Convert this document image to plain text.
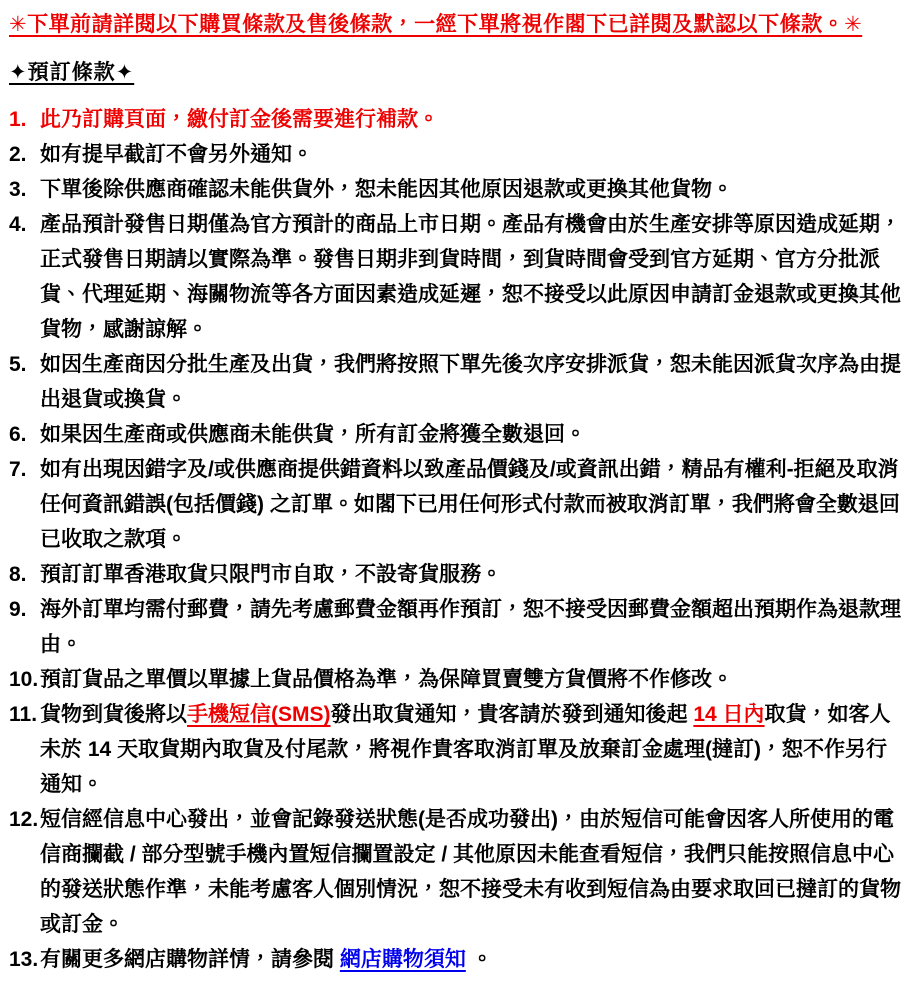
✳下單前請詳閱以下購買條款及售後條款，一經下單將視作閣下已詳閱及默認以下條款。✳

✦預訂條款✦

1. 此乃訂購頁面，繳付訂金後需要進行補款。
2. 如有提早截訂不會另外通知。
3. 下單後除供應商確認未能供貨外，恕未能因其他原因退款或更換其他貨物。
4. 產品預計發售日期僅為官方預計的商品上市日期。產品有機會由於生產安排等原因造成延期，正式發售日期請以實際為準。發售日期非到貨時間，到貨時間會受到官方延期、官方分批派貨、代理延期、海關物流等各方面因素造成延遲，恕不接受以此原因申請訂金退款或更換其他貨物，感謝諒解。
5. 如因生產商因分批生產及出貨，我們將按照下單先後次序安排派貨，恕未能因派貨次序為由提出退貨或換貨。
6. 如果因生產商或供應商未能供貨，所有訂金將獲全數退回。
7. 如有出現因錯字及/或供應商提供錯資料以致產品價錢及/或資訊出錯，精品有權利-拒絕及取消任何資訊錯誤(包括價錢) 之訂單。如閣下已用任何形式付款而被取消訂單，我們將會全數退回已收取之款項。
8. 預訂訂單香港取貨只限門市自取，不設寄貨服務。
9. 海外訂單均需付郵費，請先考慮郵費金額再作預訂，恕不接受因郵費金額超出預期作為退款理由。
10. 預訂貨品之單價以單據上貨品價格為準，為保障買賣雙方貨價將不作修改。
11. 貨物到貨後將以手機短信(SMS)發出取貨通知，貴客請於發到通知後起 14 日內取貨，如客人未於 14 天取貨期內取貨及付尾款，將視作貴客取消訂單及放棄訂金處理(撻訂)，恕不作另行通知。
12. 短信經信息中心發出，並會記錄發送狀態(是否成功發出)，由於短信可能會因客人所使用的電信商攔截 / 部分型號手機內置短信攔置設定 / 其他原因未能查看短信，我們只能按照信息中心的發送狀態作準，未能考慮客人個別情況，恕不接受未有收到短信為由要求取回已撻訂的貨物或訂金。
13. 有關更多網店購物詳情，請參閱 網店購物須知 。
